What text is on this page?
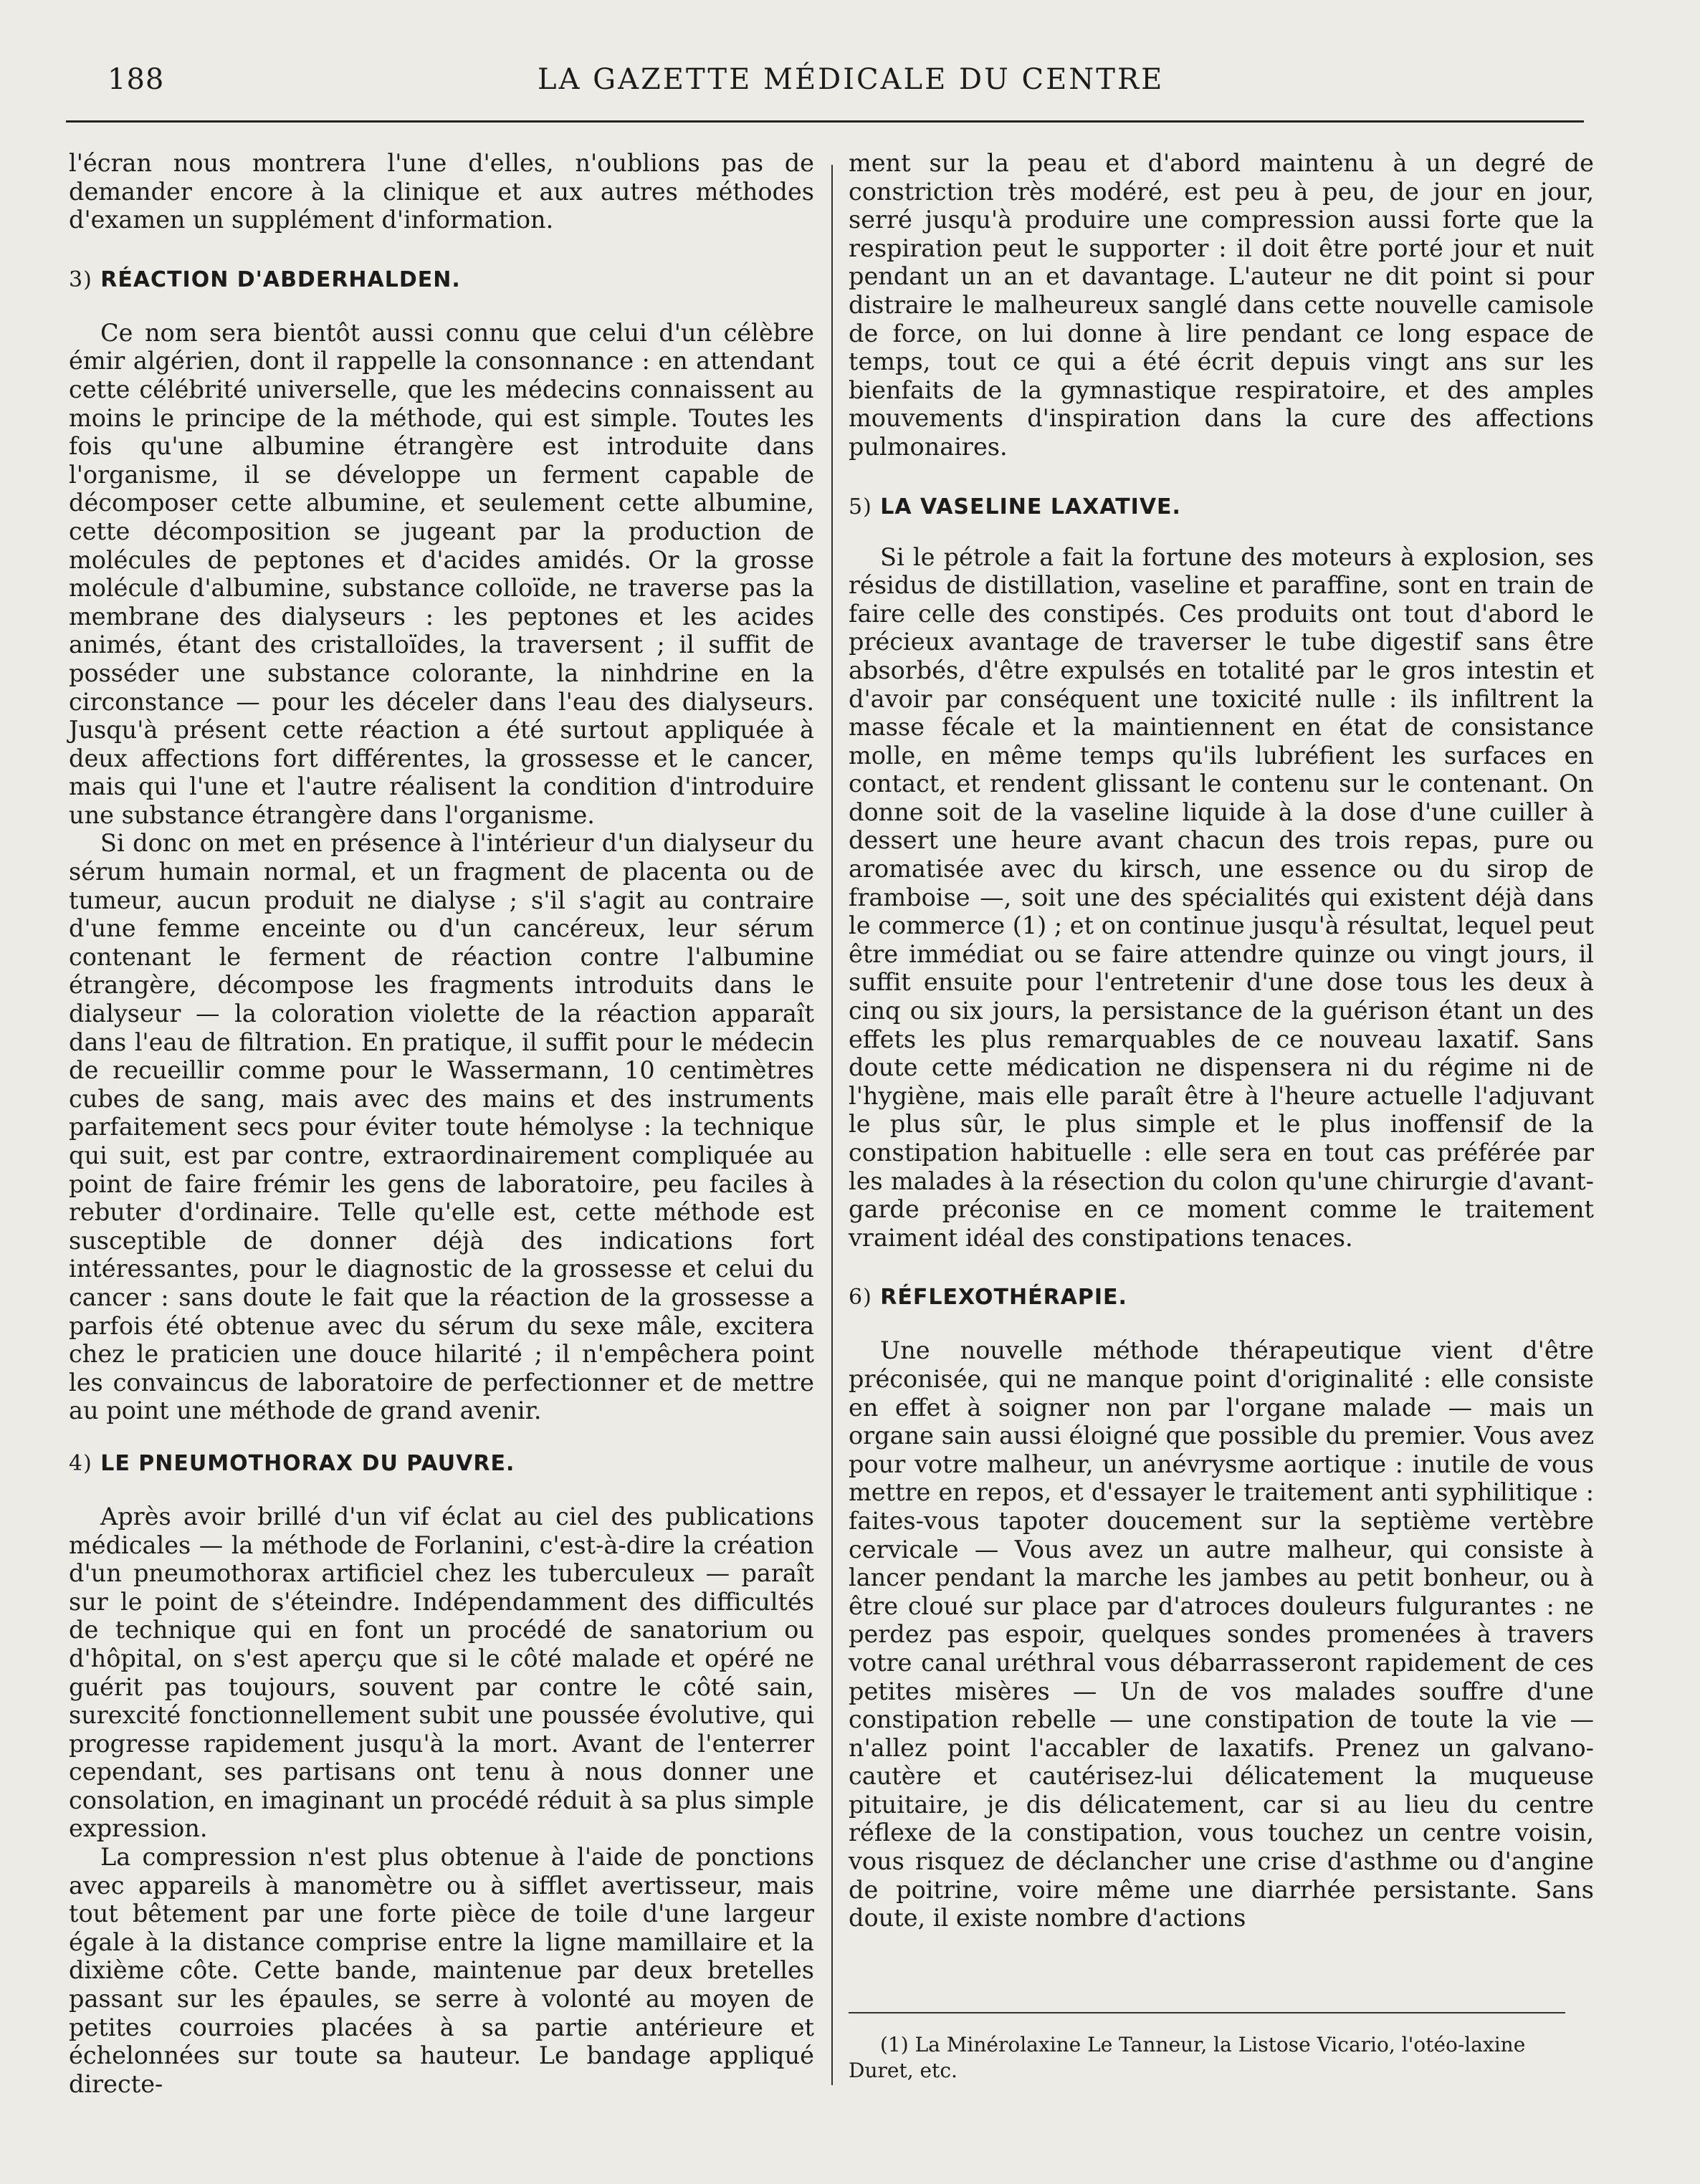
188	LA GAZETTE MÉDICALE DU CENTRE

l'écran nous montrera l'une d'elles, n'oublions pas de demander encore à la clinique et aux autres méthodes d'examen un supplément d'information.

3) RÉACTION D'ABDERHALDEN.

Ce nom sera bientôt aussi connu que celui d'un célèbre émir algérien, dont il rappelle la consonnance : en attendant cette célébrité universelle, que les médecins connaissent au moins le principe de la méthode, qui est simple. Toutes les fois qu'une albumine étrangère est introduite dans l'organisme, il se développe un ferment capable de décomposer cette albumine, et seulement cette albumine, cette décomposition se jugeant par la production de molécules de peptones et d'acides amidés. Or la grosse molécule d'albumine, substance colloïde, ne traverse pas la membrane des dialyseurs : les peptones et les acides animés, étant des cristalloïdes, la traversent ; il suffit de posséder une substance colorante, la ninhdrine en la circonstance — pour les déceler dans l'eau des dialyseurs. Jusqu'à présent cette réaction a été surtout appliquée à deux affections fort différentes, la grossesse et le cancer, mais qui l'une et l'autre réalisent la condition d'introduire une substance étrangère dans l'organisme.

Si donc on met en présence à l'intérieur d'un dialyseur du sérum humain normal, et un fragment de placenta ou de tumeur, aucun produit ne dialyse ; s'il s'agit au contraire d'une femme enceinte ou d'un cancéreux, leur sérum contenant le ferment de réaction contre l'albumine étrangère, décompose les fragments introduits dans le dialyseur — la coloration violette de la réaction apparaît dans l'eau de filtration. En pratique, il suffit pour le médecin de recueillir comme pour le Wassermann, 10 centimètres cubes de sang, mais avec des mains et des instruments parfaitement secs pour éviter toute hémolyse : la technique qui suit, est par contre, extraordinairement compliquée au point de faire frémir les gens de laboratoire, peu faciles à rebuter d'ordinaire. Telle qu'elle est, cette méthode est susceptible de donner déjà des indications fort intéressantes, pour le diagnostic de la grossesse et celui du cancer : sans doute le fait que la réaction de la grossesse a parfois été obtenue avec du sérum du sexe mâle, excitera chez le praticien une douce hilarité ; il n'empêchera point les convaincus de laboratoire de perfectionner et de mettre au point une méthode de grand avenir.

4) LE PNEUMOTHORAX DU PAUVRE.

Après avoir brillé d'un vif éclat au ciel des publications médicales — la méthode de Forlanini, c'est-à-dire la création d'un pneumothorax artificiel chez les tuberculeux — paraît sur le point de s'éteindre. Indépendamment des difficultés de technique qui en font un procédé de sanatorium ou d'hôpital, on s'est aperçu que si le côté malade et opéré ne guérit pas toujours, souvent par contre le côté sain, surexcité fonctionnellement subit une poussée évolutive, qui progresse rapidement jusqu'à la mort. Avant de l'enterrer cependant, ses partisans ont tenu à nous donner une consolation, en imaginant un procédé réduit à sa plus simple expression.

La compression n'est plus obtenue à l'aide de ponctions avec appareils à manomètre ou à sifflet avertisseur, mais tout bêtement par une forte pièce de toile d'une largeur égale à la distance comprise entre la ligne mamillaire et la dixième côte. Cette bande, maintenue par deux bretelles passant sur les épaules, se serre à volonté au moyen de petites courroies placées à sa partie antérieure et échelonnées sur toute sa hauteur. Le bandage appliqué directe-

ment sur la peau et d'abord maintenu à un degré de constriction très modéré, est peu à peu, de jour en jour, serré jusqu'à produire une compression aussi forte que la respiration peut le supporter : il doit être porté jour et nuit pendant un an et davantage. L'auteur ne dit point si pour distraire le malheureux sanglé dans cette nouvelle camisole de force, on lui donne à lire pendant ce long espace de temps, tout ce qui a été écrit depuis vingt ans sur les bienfaits de la gymnastique respiratoire, et des amples mouvements d'inspiration dans la cure des affections pulmonaires.

5) LA VASELINE LAXATIVE.

Si le pétrole a fait la fortune des moteurs à explosion, ses résidus de distillation, vaseline et paraffine, sont en train de faire celle des constipés. Ces produits ont tout d'abord le précieux avantage de traverser le tube digestif sans être absorbés, d'être expulsés en totalité par le gros intestin et d'avoir par conséquent une toxicité nulle : ils infiltrent la masse fécale et la maintiennent en état de consistance molle, en même temps qu'ils lubréfient les surfaces en contact, et rendent glissant le contenu sur le contenant. On donne soit de la vaseline liquide à la dose d'une cuiller à dessert une heure avant chacun des trois repas, pure ou aromatisée avec du kirsch, une essence ou du sirop de framboise —, soit une des spécialités qui existent déjà dans le commerce (1) ; et on continue jusqu'à résultat, lequel peut être immédiat ou se faire attendre quinze ou vingt jours, il suffit ensuite pour l'entretenir d'une dose tous les deux à cinq ou six jours, la persistance de la guérison étant un des effets les plus remarquables de ce nouveau laxatif. Sans doute cette médication ne dispensera ni du régime ni de l'hygiène, mais elle paraît être à l'heure actuelle l'adjuvant le plus sûr, le plus simple et le plus inoffensif de la constipation habituelle : elle sera en tout cas préférée par les malades à la résection du colon qu'une chirurgie d'avant-garde préconise en ce moment comme le traitement vraiment idéal des constipations tenaces.

6) RÉFLEXOTHÉRAPIE.

Une nouvelle méthode thérapeutique vient d'être préconisée, qui ne manque point d'originalité : elle consiste en effet à soigner non par l'organe malade — mais un organe sain aussi éloigné que possible du premier. Vous avez pour votre malheur, un anévrysme aortique : inutile de vous mettre en repos, et d'essayer le traitement anti syphilitique : faites-vous tapoter doucement sur la septième vertèbre cervicale — Vous avez un autre malheur, qui consiste à lancer pendant la marche les jambes au petit bonheur, ou à être cloué sur place par d'atroces douleurs fulgurantes : ne perdez pas espoir, quelques sondes promenées à travers votre canal uréthral vous débarrasseront rapidement de ces petites misères — Un de vos malades souffre d'une constipation rebelle — une constipation de toute la vie — n'allez point l'accabler de laxatifs. Prenez un galvano-cautère et cautérisez-lui délicatement la muqueuse pituitaire, je dis délicatement, car si au lieu du centre réflexe de la constipation, vous touchez un centre voisin, vous risquez de déclancher une crise d'asthme ou d'angine de poitrine, voire même une diarrhée persistante. Sans doute, il existe nombre d'actions

(1) La Minérolaxine Le Tanneur, la Listose Vicario, l'otéo-laxine Duret, etc.
